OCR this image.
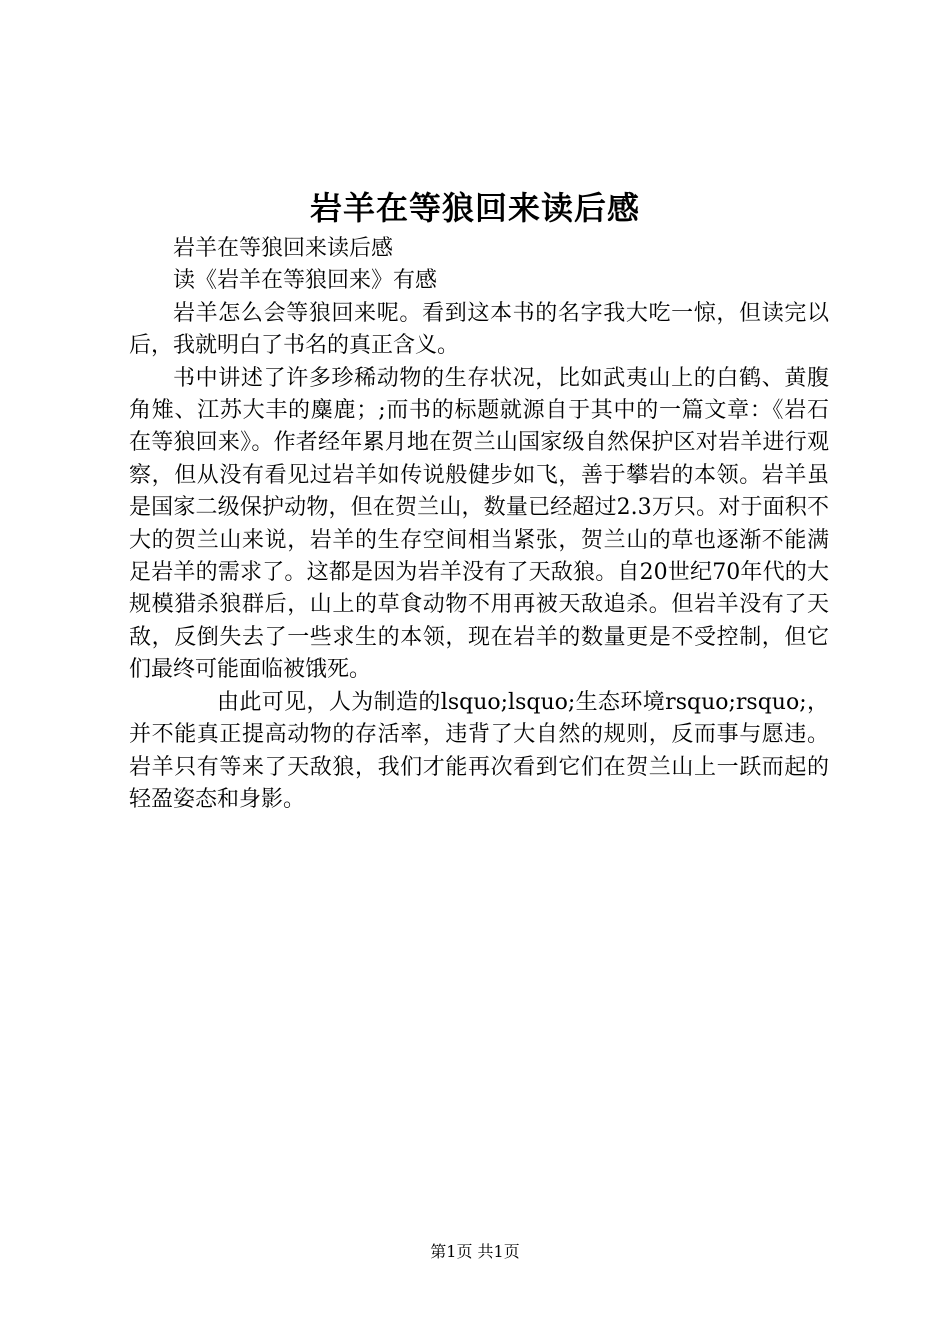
岩羊在等狼回来读后感

岩羊在等狼回来读后感

读《岩羊在等狼回来》有感

岩羊怎么会等狼回来呢。看到这本书的名字我大吃一惊，但读完以后，我就明白了书名的真正含义。

书中讲述了许多珍稀动物的生存状况，比如武夷山上的白鹤、黄腹角雉、江苏大丰的麋鹿；;而书的标题就源自于其中的一篇文章：《岩石在等狼回来》。作者经年累月地在贺兰山国家级自然保护区对岩羊进行观察，但从没有看见过岩羊如传说般健步如飞，善于攀岩的本领。岩羊虽是国家二级保护动物，但在贺兰山，数量已经超过2.3万只。对于面积不大的贺兰山来说，岩羊的生存空间相当紧张，贺兰山的草也逐渐不能满足岩羊的需求了。这都是因为岩羊没有了天敌狼。自20世纪70年代的大规模猎杀狼群后，山上的草食动物不用再被天敌追杀。但岩羊没有了天敌，反倒失去了一些求生的本领，现在岩羊的数量更是不受控制，但它们最终可能面临被饿死。

由此可见，人为制造的lsquo;lsquo;生态环境rsquo;rsquo;，并不能真正提高动物的存活率，违背了大自然的规则，反而事与愿违。岩羊只有等来了天敌狼，我们才能再次看到它们在贺兰山上一跃而起的轻盈姿态和身影。

第1页 共1页
